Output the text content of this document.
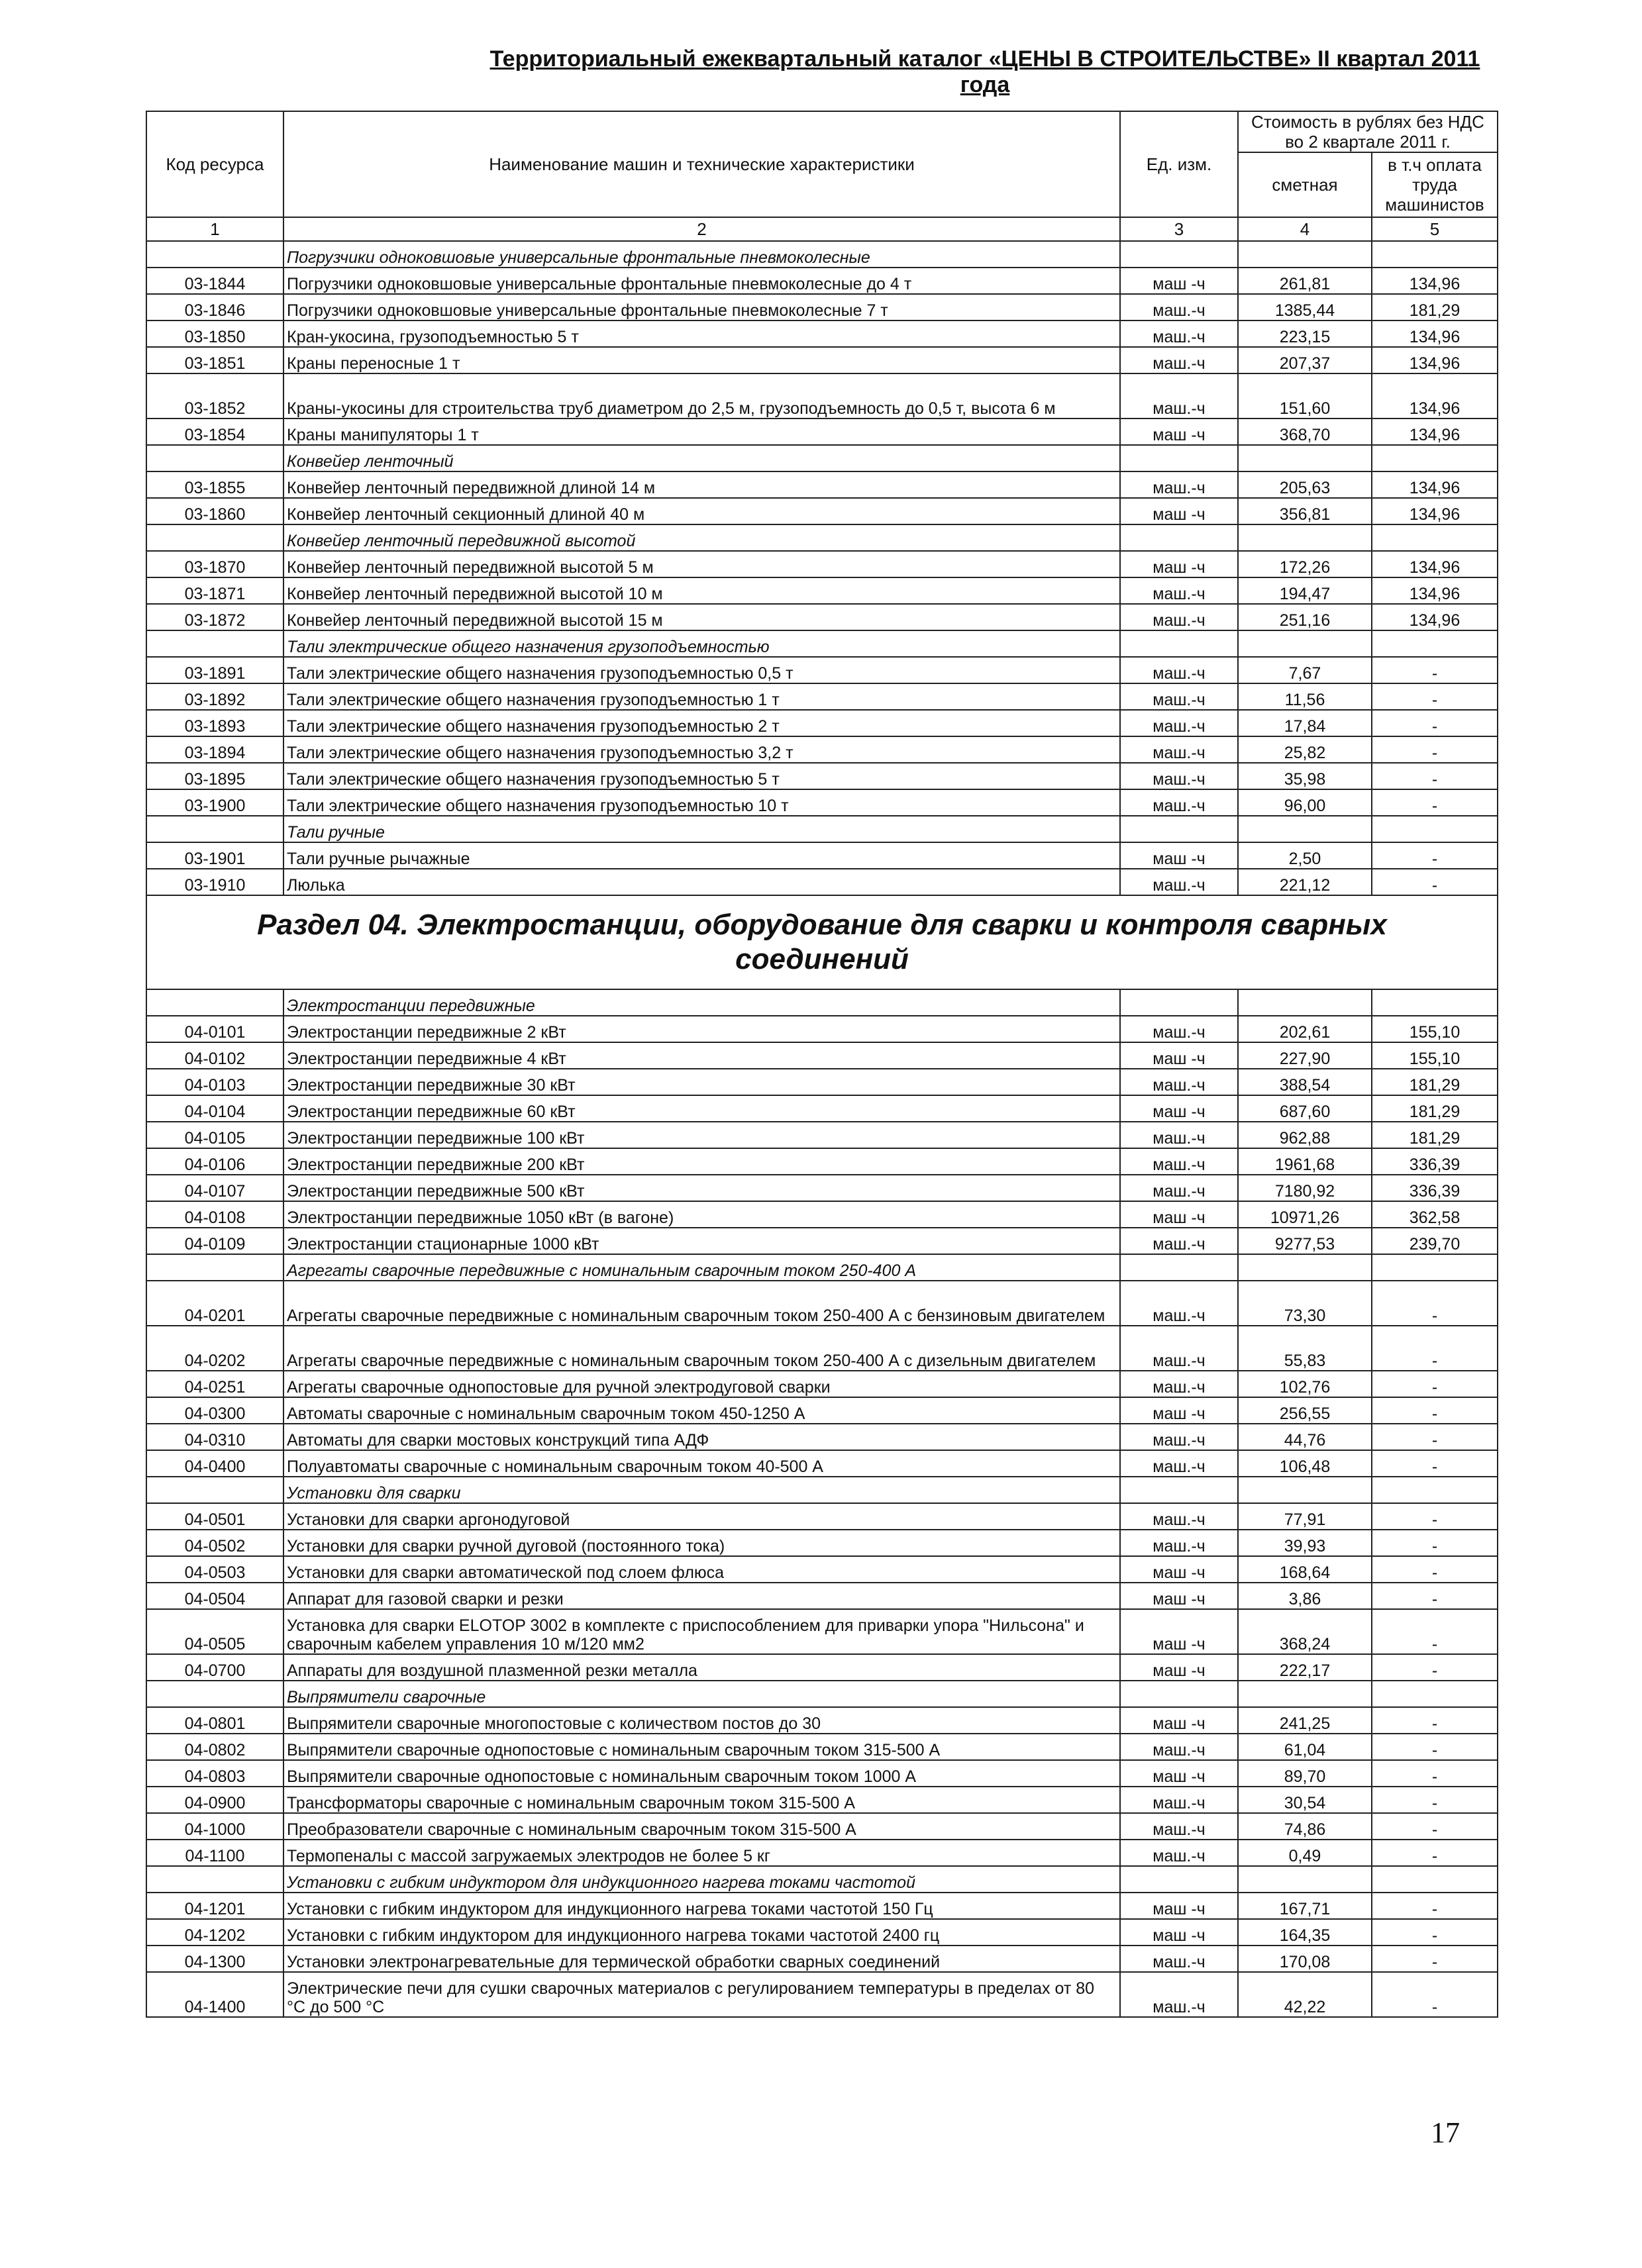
Территориальный ежеквартальный каталог «ЦЕНЫ В СТРОИТЕЛЬСТВЕ» II квартал 2011 года
Код ресурса	Наименование машин и технические характеристики	Ед. изм.	Стоимость в рублях без НДС во 2 квартале 2011 г.	
			сметная	в т.ч оплата труда машинистов
1	2	3	4	5
	Погрузчики одноковшовые универсальные фронтальные пневмоколесные			
03-1844	Погрузчики одноковшовые универсальные фронтальные пневмоколесные до 4 т	маш -ч	261,81	134,96
03-1846	Погрузчики одноковшовые универсальные фронтальные пневмоколесные 7 т	маш.-ч	1385,44	181,29
03-1850	Кран-укосина, грузоподъемностью 5 т	маш.-ч	223,15	134,96
03-1851	Краны переносные 1 т	маш.-ч	207,37	134,96
03-1852	Краны-укосины для строительства труб диаметром до 2,5 м, грузоподъемность до 0,5 т, высота 6 м	маш.-ч	151,60	134,96
03-1854	Краны манипуляторы 1 т	маш -ч	368,70	134,96
	Конвейер ленточный			
03-1855	Конвейер ленточный передвижной длиной 14 м	маш.-ч	205,63	134,96
03-1860	Конвейер ленточный секционный длиной 40 м	маш -ч	356,81	134,96
	Конвейер ленточный передвижной высотой			
03-1870	Конвейер ленточный передвижной высотой 5 м	маш -ч	172,26	134,96
03-1871	Конвейер ленточный передвижной высотой 10 м	маш.-ч	194,47	134,96
03-1872	Конвейер ленточный передвижной высотой 15 м	маш.-ч	251,16	134,96
	Тали электрические общего назначения грузоподъемностью			
03-1891	Тали электрические общего назначения грузоподъемностью 0,5 т	маш.-ч	7,67	-
03-1892	Тали электрические общего назначения грузоподъемностью 1 т	маш.-ч	11,56	-
03-1893	Тали электрические общего назначения грузоподъемностью 2 т	маш.-ч	17,84	-
03-1894	Тали электрические общего назначения грузоподъемностью 3,2 т	маш.-ч	25,82	-
03-1895	Тали электрические общего назначения грузоподъемностью 5 т	маш.-ч	35,98	-
03-1900	Тали электрические общего назначения грузоподъемностью 10 т	маш.-ч	96,00	-
	Тали ручные			
03-1901	Тали ручные рычажные	маш -ч	2,50	-
03-1910	Люлька	маш.-ч	221,12	-
Раздел 04. Электростанции, оборудование для сварки и контроля сварных соединений				
	Электростанции передвижные			
04-0101	Электростанции передвижные 2 кВт	маш.-ч	202,61	155,10
04-0102	Электростанции передвижные 4 кВт	маш -ч	227,90	155,10
04-0103	Электростанции передвижные 30 кВт	маш.-ч	388,54	181,29
04-0104	Электростанции передвижные 60 кВт	маш -ч	687,60	181,29
04-0105	Электростанции передвижные 100 кВт	маш.-ч	962,88	181,29
04-0106	Электростанции передвижные 200 кВт	маш.-ч	1961,68	336,39
04-0107	Электростанции передвижные 500 кВт	маш.-ч	7180,92	336,39
04-0108	Электростанции передвижные 1050 кВт (в вагоне)	маш -ч	10971,26	362,58
04-0109	Электростанции стационарные 1000 кВт	маш.-ч	9277,53	239,70
	Агрегаты сварочные передвижные с номинальным сварочным током 250-400 А			
04-0201	Агрегаты сварочные передвижные с номинальным сварочным током 250-400 А с бензиновым двигателем	маш.-ч	73,30	-
04-0202	Агрегаты сварочные передвижные с номинальным сварочным током 250-400 А с дизельным двигателем	маш.-ч	55,83	-
04-0251	Агрегаты сварочные однопостовые для ручной электродуговой сварки	маш.-ч	102,76	-
04-0300	Автоматы сварочные с номинальным сварочным током 450-1250 А	маш -ч	256,55	-
04-0310	Автоматы для сварки мостовых конструкций типа АДФ	маш.-ч	44,76	-
04-0400	Полуавтоматы сварочные с номинальным сварочным током 40-500 А	маш.-ч	106,48	-
	Установки для сварки			
04-0501	Установки для сварки аргонодуговой	маш.-ч	77,91	-
04-0502	Установки для сварки ручной дуговой (постоянного тока)	маш.-ч	39,93	-
04-0503	Установки для сварки автоматической под слоем флюса	маш -ч	168,64	-
04-0504	Аппарат для газовой сварки и резки	маш -ч	3,86	-
04-0505	Установка для сварки ELOTOP 3002 в комплекте с приспособлением для приварки упора "Нильсона" и сварочным кабелем управления 10 м/120 мм2	маш -ч	368,24	-
04-0700	Аппараты для воздушной плазменной резки металла	маш -ч	222,17	-
	Выпрямители сварочные			
04-0801	Выпрямители сварочные многопостовые с количеством постов до 30	маш -ч	241,25	-
04-0802	Выпрямители сварочные однопостовые с номинальным сварочным током 315-500 А	маш.-ч	61,04	-
04-0803	Выпрямители сварочные однопостовые с номинальным сварочным током 1000 А	маш -ч	89,70	-
04-0900	Трансформаторы сварочные с номинальным сварочным током 315-500 А	маш.-ч	30,54	-
04-1000	Преобразователи сварочные с номинальным сварочным током 315-500 А	маш.-ч	74,86	-
04-1100	Термопеналы с массой загружаемых электродов не более 5 кг	маш.-ч	0,49	-
	Установки с гибким индуктором для индукционного нагрева токами частотой			
04-1201	Установки с гибким индуктором для индукционного нагрева токами частотой 150 Гц	маш -ч	167,71	-
04-1202	Установки с гибким индуктором для индукционного нагрева токами частотой 2400 гц	маш -ч	164,35	-
04-1300	Установки электронагревательные для термической обработки сварных соединений	маш.-ч	170,08	-
04-1400	Электрические печи для сушки сварочных материалов с регулированием температуры в пределах от 80 °С до 500 °С	маш.-ч	42,22	-
17
